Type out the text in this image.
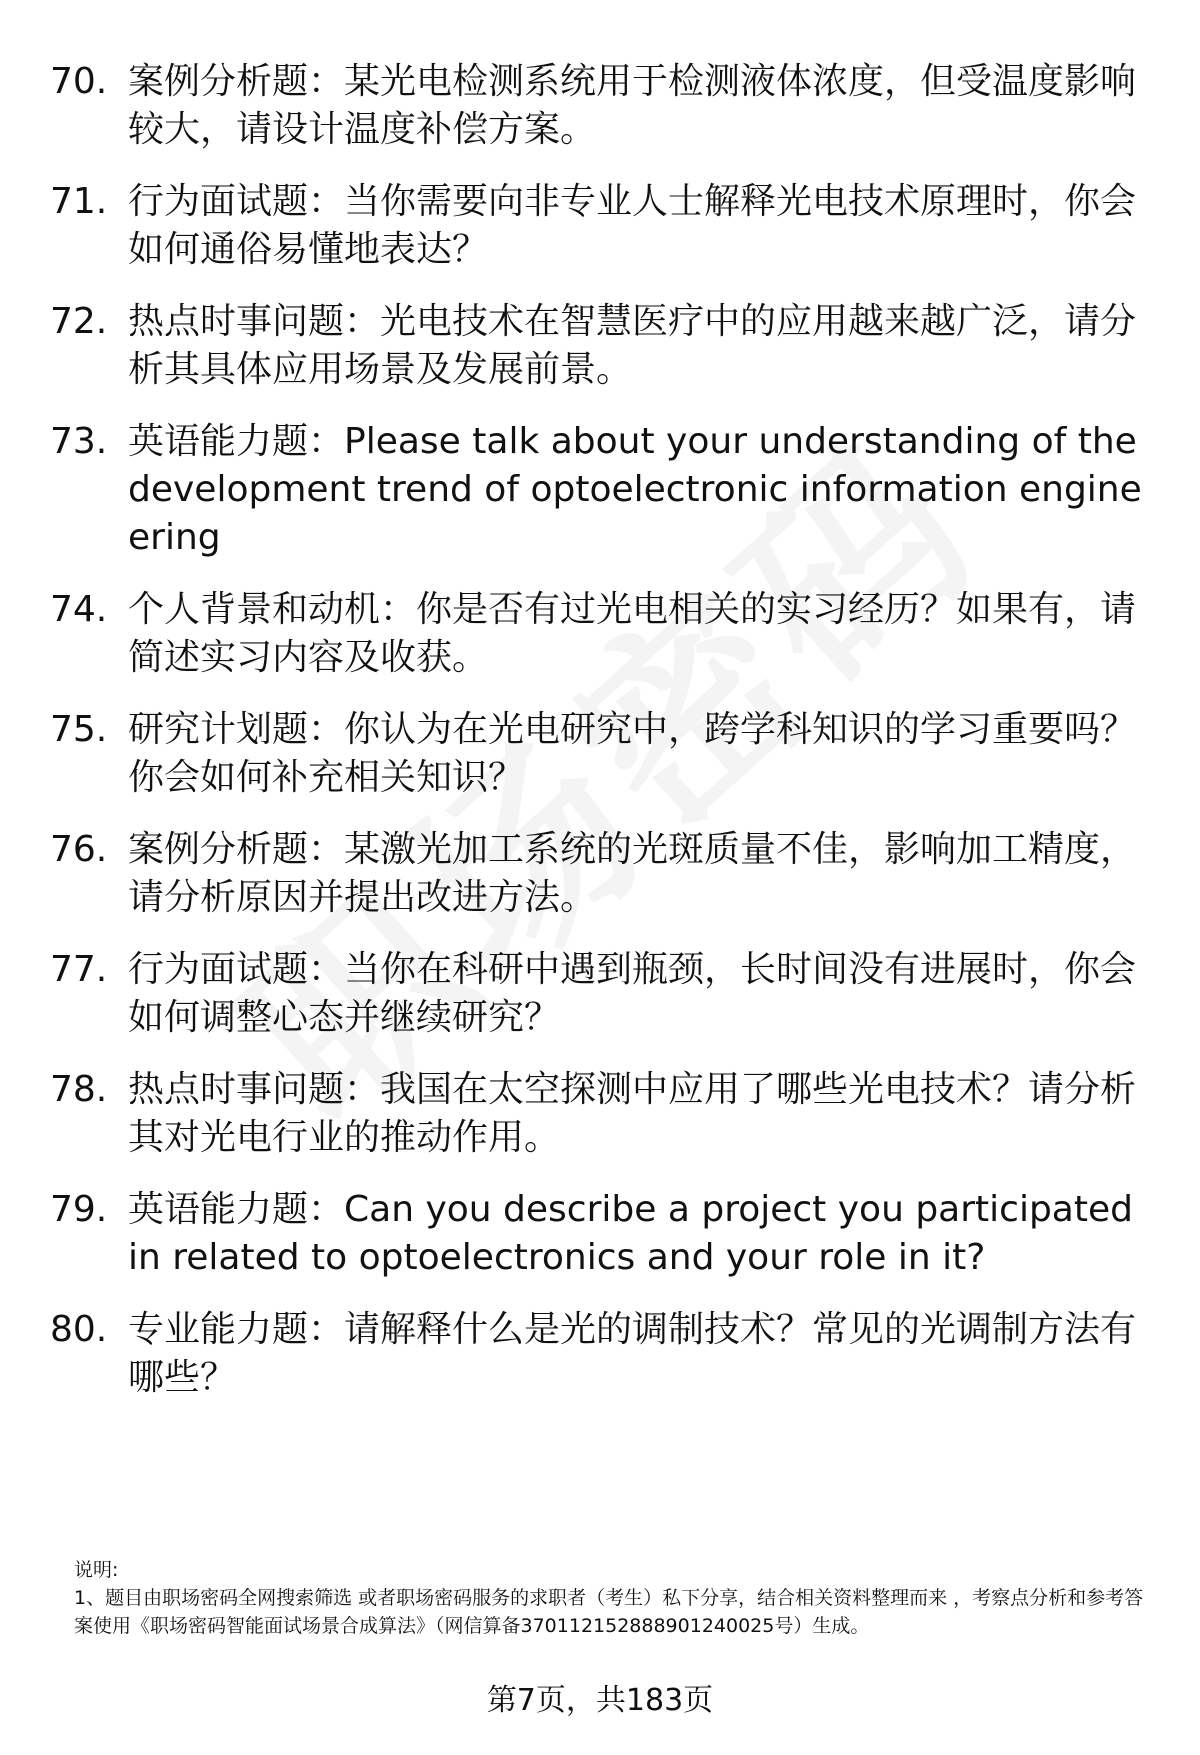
70. 案例分析题：某光电检测系统用于检测液体浓度，但受温度影响较大，请设计温度补偿方案。
71. 行为面试题：当你需要向非专业人士解释光电技术原理时，你会如何通俗易懂地表达？
72. 热点时事问题：光电技术在智慧医疗中的应用越来越广泛，请分析其具体应用场景及发展前景。
73. 英语能力题：Please talk about your understanding of the development trend of optoelectronic information engineering
74. 个人背景和动机：你是否有过光电相关的实习经历？如果有，请简述实习内容及收获。
75. 研究计划题：你认为在光电研究中，跨学科知识的学习重要吗？你会如何补充相关知识？
76. 案例分析题：某激光加工系统的光斑质量不佳，影响加工精度，请分析原因并提出改进方法。
77. 行为面试题：当你在科研中遇到瓶颈，长时间没有进展时，你会如何调整心态并继续研究？
78. 热点时事问题：我国在太空探测中应用了哪些光电技术？请分析其对光电行业的推动作用。
79. 英语能力题：Can you describe a project you participated in related to optoelectronics and your role in it?
80. 专业能力题：请解释什么是光的调制技术？常见的光调制方法有哪些？
说明:
1、题目由职场密码全网搜索筛选 或者职场密码服务的求职者（考生）私下分享，结合相关资料整理而来 ，考察点分析和参考答案使用《职场密码智能面试场景合成算法》（网信算备370112152888901240025号）生成。
第7页，共183页
